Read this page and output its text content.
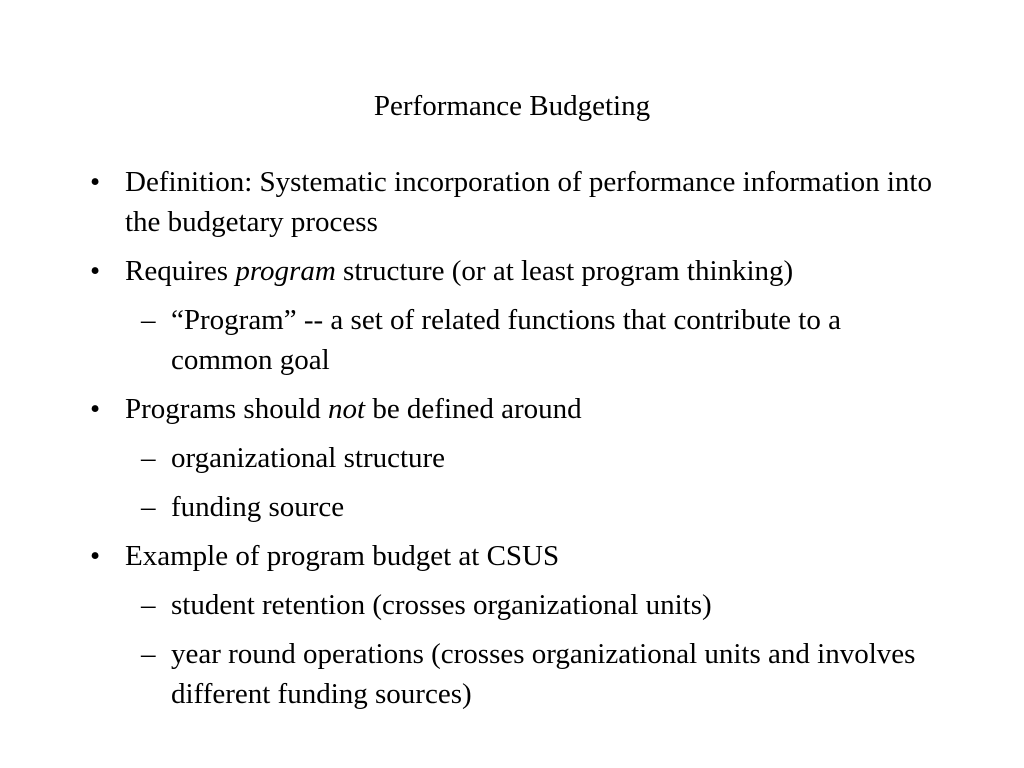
Performance Budgeting
• Definition: Systematic incorporation of performance information into the budgetary process
• Requires program structure (or at least program thinking)
– “Program” -- a set of related functions that contribute to a common goal
• Programs should not be defined around
– organizational structure
– funding source
• Example of program budget at CSUS
– student retention (crosses organizational units)
– year round operations (crosses organizational units and involves different funding sources)
